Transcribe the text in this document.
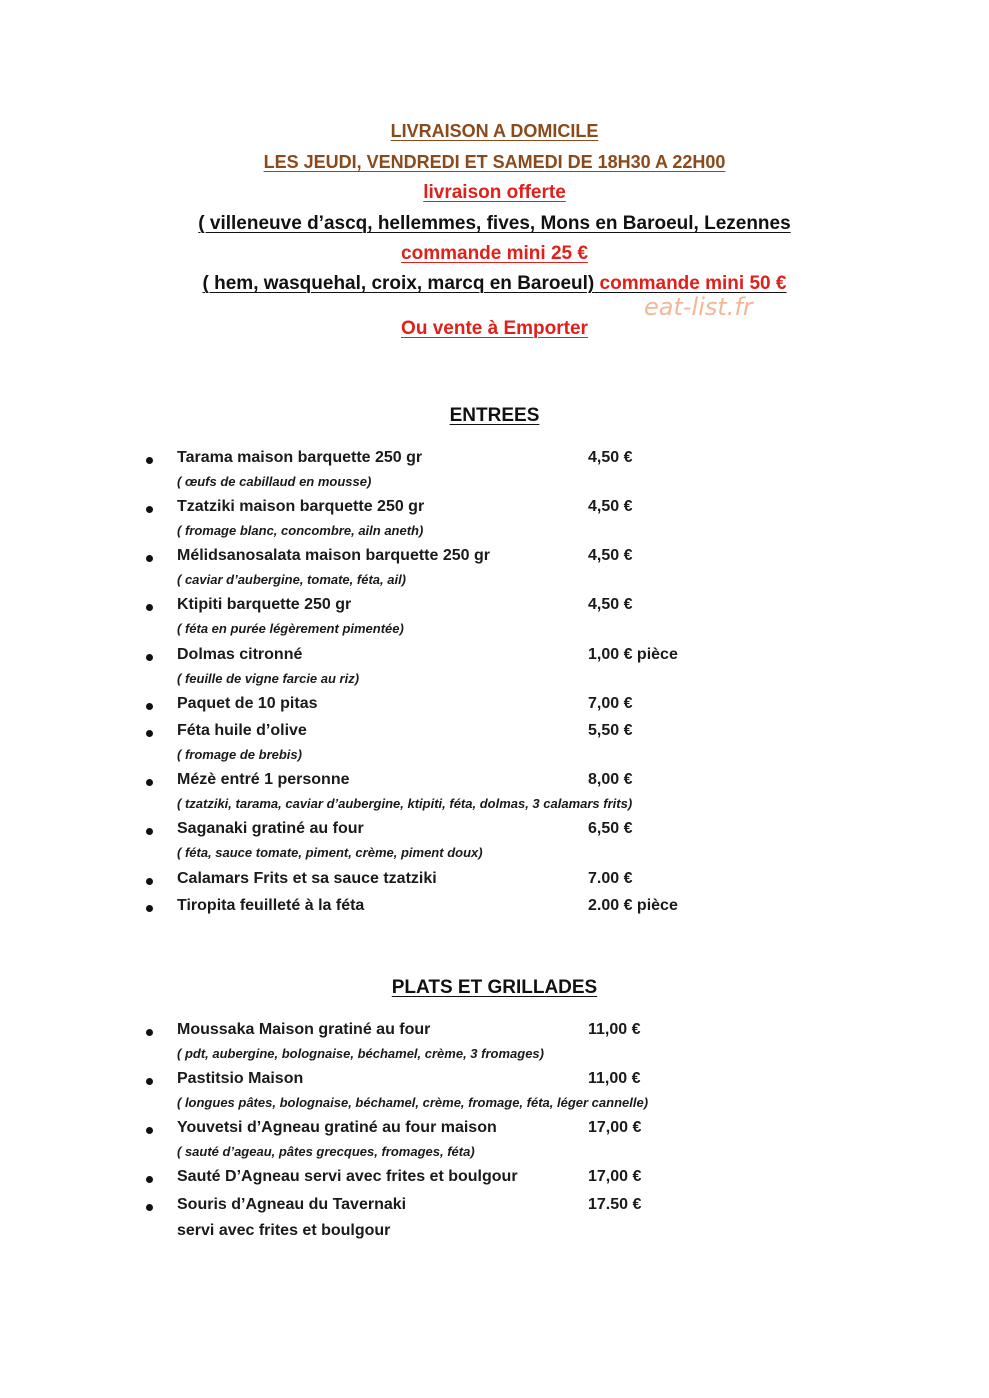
LIVRAISON A DOMICILE
LES JEUDI, VENDREDI ET SAMEDI DE 18H30 A 22H00
livraison offerte
( villeneuve d’ascq, hellemmes, fives, Mons en Baroeul, Lezennes
commande mini 25 €
( hem, wasquehal, croix, marcq en Baroeul) commande mini 50 €
eat-list.fr
Ou vente à Emporter
ENTREES
Tarama maison barquette 250 gr	4,50 €
( œufs de cabillaud en mousse)
Tzatziki maison barquette 250 gr	4,50 €
( fromage blanc, concombre, ailn aneth)
Mélidsanosalata maison barquette 250 gr	4,50 €
( caviar d’aubergine, tomate, féta, ail)
Ktipiti barquette 250 gr	4,50 €
( féta en purée légèrement pimentée)
Dolmas citronné	1,00 € pièce
( feuille de vigne farcie au riz)
Paquet de 10 pitas	7,00 €
Féta huile d’olive	5,50 €
( fromage de brebis)
Mézè entré 1 personne	8,00 €
( tzatziki, tarama, caviar d’aubergine, ktipiti, féta, dolmas, 3 calamars frits)
Saganaki gratiné au four	6,50 €
( féta, sauce tomate, piment, crème, piment doux)
Calamars Frits et sa sauce tzatziki	7.00 €
Tiropita feuilleté à la féta	2.00 € pièce
PLATS ET GRILLADES
Moussaka Maison gratiné au four	11,00 €
( pdt, aubergine, bolognaise, béchamel, crème, 3 fromages)
Pastitsio Maison	11,00 €
( longues pâtes, bolognaise, béchamel, crème, fromage, féta, léger cannelle)
Youvetsi d’Agneau gratiné au four maison	17,00 €
( sauté d’ageau, pâtes grecques, fromages, féta)
Sauté D’Agneau servi avec frites et boulgour	17,00 €
Souris d’Agneau du Tavernaki	17.50 €
servi avec frites et boulgour
